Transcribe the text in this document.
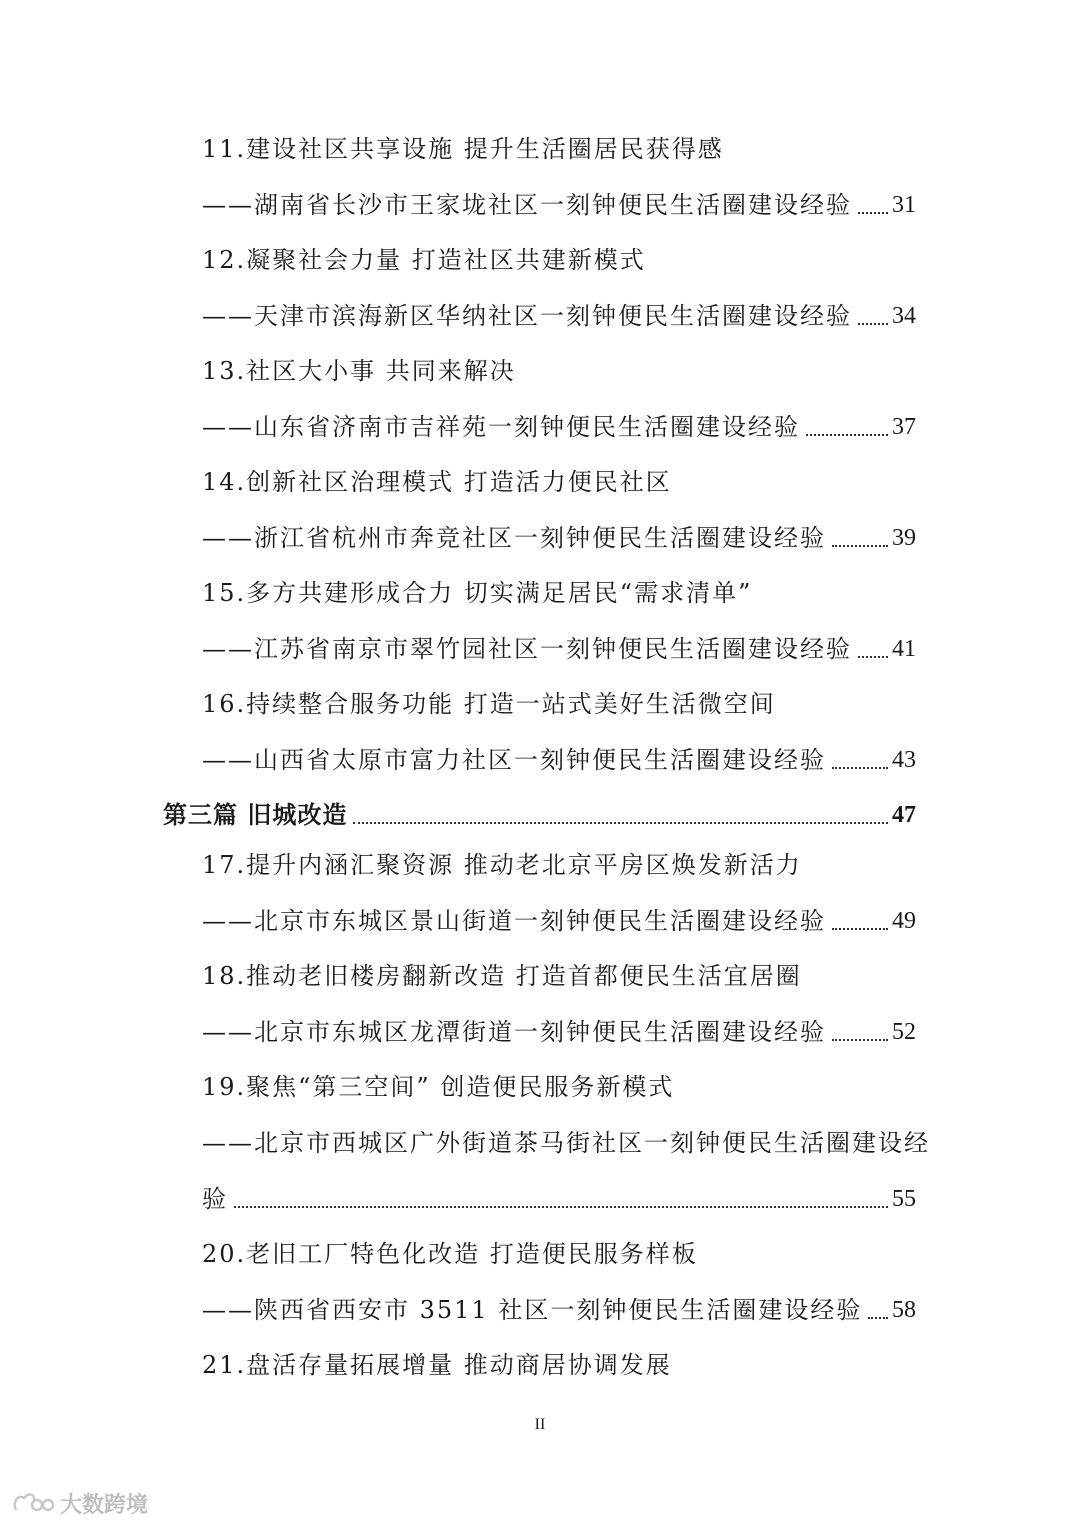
11.建设社区共享设施 提升生活圈居民获得感
——湖南省长沙市王家垅社区一刻钟便民生活圈建设经验 31
12.凝聚社会力量 打造社区共建新模式
——天津市滨海新区华纳社区一刻钟便民生活圈建设经验 34
13.社区大小事 共同来解决
——山东省济南市吉祥苑一刻钟便民生活圈建设经验	37
14.创新社区治理模式 打造活力便民社区
——浙江省杭州市奔竞社区一刻钟便民生活圈建设经验	39
15.多方共建形成合力 切实满足居民“需求清单”
——江苏省南京市翠竹园社区一刻钟便民生活圈建设经验 41
16.持续整合服务功能 打造一站式美好生活微空间
——山西省太原市富力社区一刻钟便民生活圈建设经验	43
第三篇 旧城改造	47
17.提升内涵汇聚资源 推动老北京平房区焕发新活力
——北京市东城区景山街道一刻钟便民生活圈建设经验	49
18.推动老旧楼房翻新改造 打造首都便民生活宜居圈
——北京市东城区龙潭街道一刻钟便民生活圈建设经验	52
19.聚焦“第三空间” 创造便民服务新模式
——北京市西城区广外街道茶马街社区一刻钟便民生活圈建设经
验	55
20.老旧工厂特色化改造 打造便民服务样板
——陕西省西安市 3511 社区一刻钟便民生活圈建设经验 58
21.盘活存量拓展增量 推动商居协调发展
II
大数跨境
